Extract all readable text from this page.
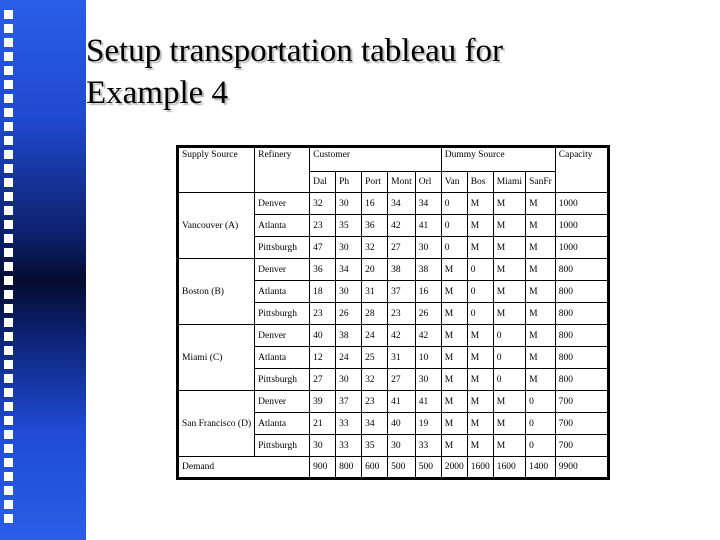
Setup transportation tableau for
Example 4
Supply Source	Refinery	Customer					Dummy Source				Capacity
		Dal	Ph	Port	Mont	Orl	Van	Bos	Miami	SanFr	
Vancouver (A)	Denver	32	30	16	34	34	0	M	M	M	1000
	Atlanta	23	35	36	42	41	0	M	M	M	1000
	Pittsburgh	47	30	32	27	30	0	M	M	M	1000
Boston (B)	Denver	36	34	20	38	38	M	0	M	M	800
	Atlanta	18	30	31	37	16	M	0	M	M	800
	Pittsburgh	23	26	28	23	26	M	0	M	M	800
Miami (C)	Denver	40	38	24	42	42	M	M	0	M	800
	Atlanta	12	24	25	31	10	M	M	0	M	800
	Pittsburgh	27	30	32	27	30	M	M	0	M	800
San Francisco (D)	Denver	39	37	23	41	41	M	M	M	0	700
	Atlanta	21	33	34	40	19	M	M	M	0	700
	Pittsburgh	30	33	35	30	33	M	M	M	0	700
Demand		900	800	600	500	500	2000	1600	1600	1400	9900
